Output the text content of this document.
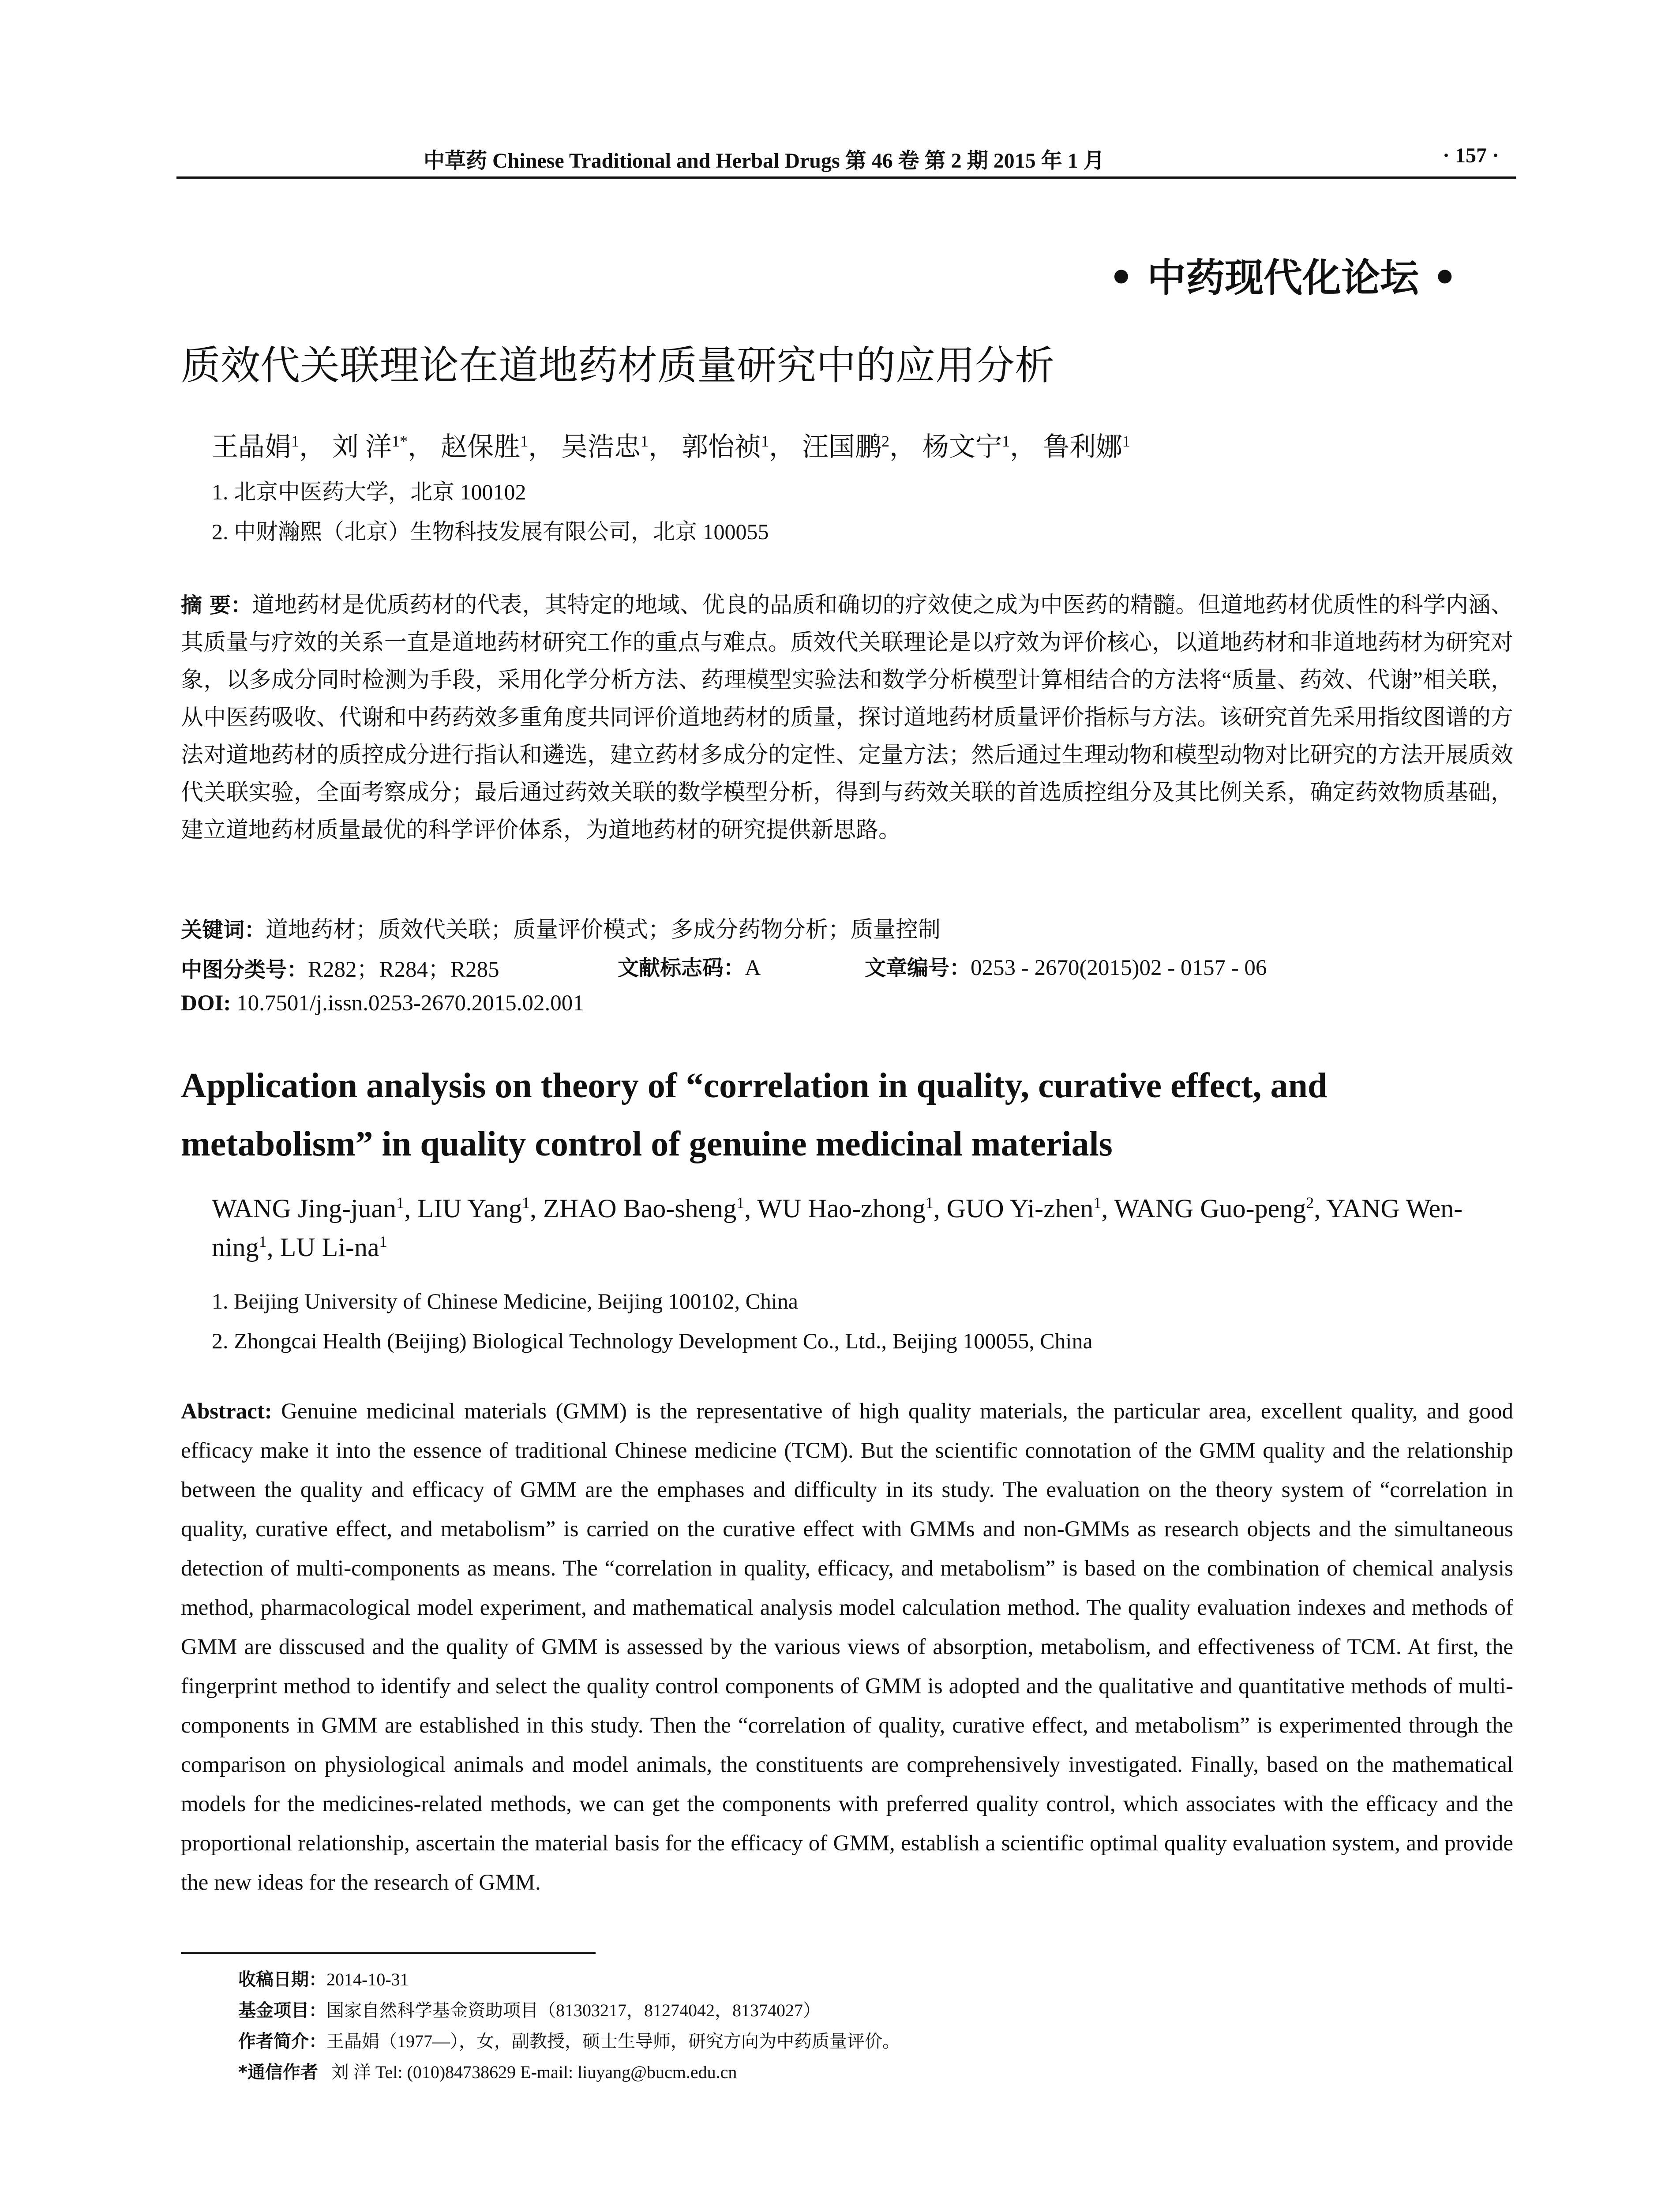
中草药 Chinese Traditional and Herbal Drugs 第 46 卷 第 2 期 2015 年 1 月	· 157 ·
• 中药现代化论坛 •
质效代关联理论在道地药材质量研究中的应用分析
王晶娟$^1$， 刘 洋$^{1*}$， 赵保胜$^1$， 吴浩忠$^1$， 郭怡祯$^1$， 汪国鹏$^2$， 杨文宁$^1$， 鲁利娜$^1$
1. 北京中医药大学，北京 100102
2. 中财瀚熙（北京）生物科技发展有限公司，北京 100055

摘 要：道地药材是优质药材的代表，其特定的地域、优良的品质和确切的疗效使之成为中医药的精髓。但道地药材优质性的科学内涵、其质量与疗效的关系一直是道地药材研究工作的重点与难点。质效代关联理论是以疗效为评价核心，以道地药材和非道地药材为研究对象，以多成分同时检测为手段，采用化学分析方法、药理模型实验法和数学分析模型计算相结合的方法将“质量、药效、代谢”相关联，从中医药吸收、代谢和中药药效多重角度共同评价道地药材的质量，探讨道地药材质量评价指标与方法。该研究首先采用指纹图谱的方法对道地药材的质控成分进行指认和遴选，建立药材多成分的定性、定量方法；然后通过生理动物和模型动物对比研究的方法开展质效代关联实验，全面考察成分；最后通过药效关联的数学模型分析，得到与药效关联的首选质控组分及其比例关系，确定药效物质基础，建立道地药材质量最优的科学评价体系，为道地药材的研究提供新思路。

关键词：道地药材；质效代关联；质量评价模式；多成分药物分析；质量控制
中图分类号：R282；R284；R285	文献标志码：A	文章编号：0253 - 2670(2015)02 - 0157 - 06
DOI: 10.7501/j.issn.0253-2670.2015.02.001
Application analysis on theory of “correlation in quality, curative effect, and metabolism” in quality control of genuine medicinal materials
WANG Jing-juan$^1$, LIU Yang$^1$, ZHAO Bao-sheng$^1$, WU Hao-zhong$^1$, GUO Yi-zhen$^1$, WANG Guo-peng$^2$, YANG Wen-ning$^1$, LU $Li-na^1$
1. Beijing University of Chinese Medicine, Beijing 100102, China
2. Zhongcai Health (Beijing) Biological Technology Development Co., Ltd., Beijing 100055, China

Abstract: Genuine medicinal materials (GMM) is the representative of high quality materials, the particular area, excellent quality, and good efficacy make it into the essence of traditional Chinese medicine (TCM). But the scientific connotation of the GMM quality and the relationship between the quality and efficacy of GMM are the emphases and difficulty in its study. The evaluation on the theory system of “correlation in quality, curative effect, and metabolism” is carried on the curative effect with GMMs and non-GMMs as research objects and the simultaneous detection of multi-components as means. The “correlation in quality, efficacy, and metabolism” is based on the combination of chemical analysis method, pharmacological model experiment, and mathematical analysis model calculation method. The quality evaluation indexes and methods of GMM are disscused and the quality of GMM is assessed by the various views of absorption, metabolism, and effectiveness of TCM. At first, the fingerprint method to identify and select the quality control components of GMM is adopted and the qualitative and quantitative methods of multi-components in GMM are established in this study. Then the “correlation of quality, curative effect, and metabolism” is experimented through the comparison on physiological animals and model animals, the constituents are comprehensively investigated. Finally, based on the mathematical models for the medicines-related methods, we can get the components with preferred quality control, which associates with the efficacy and the proportional relationship, ascertain the material basis for the efficacy of GMM, establish a scientific optimal quality evaluation system, and provide the new ideas for the research of GMM.

收稿日期：2014-10-31
基金项目：国家自然科学基金资助项目（81303217，81274042，81374027）
作者简介：王晶娟（1977—），女，副教授，硕士生导师，研究方向为中药质量评价。
*通信作者 刘 洋 Tel: (010)84738629 E-mail: liuyang@bucm.edu.cn
